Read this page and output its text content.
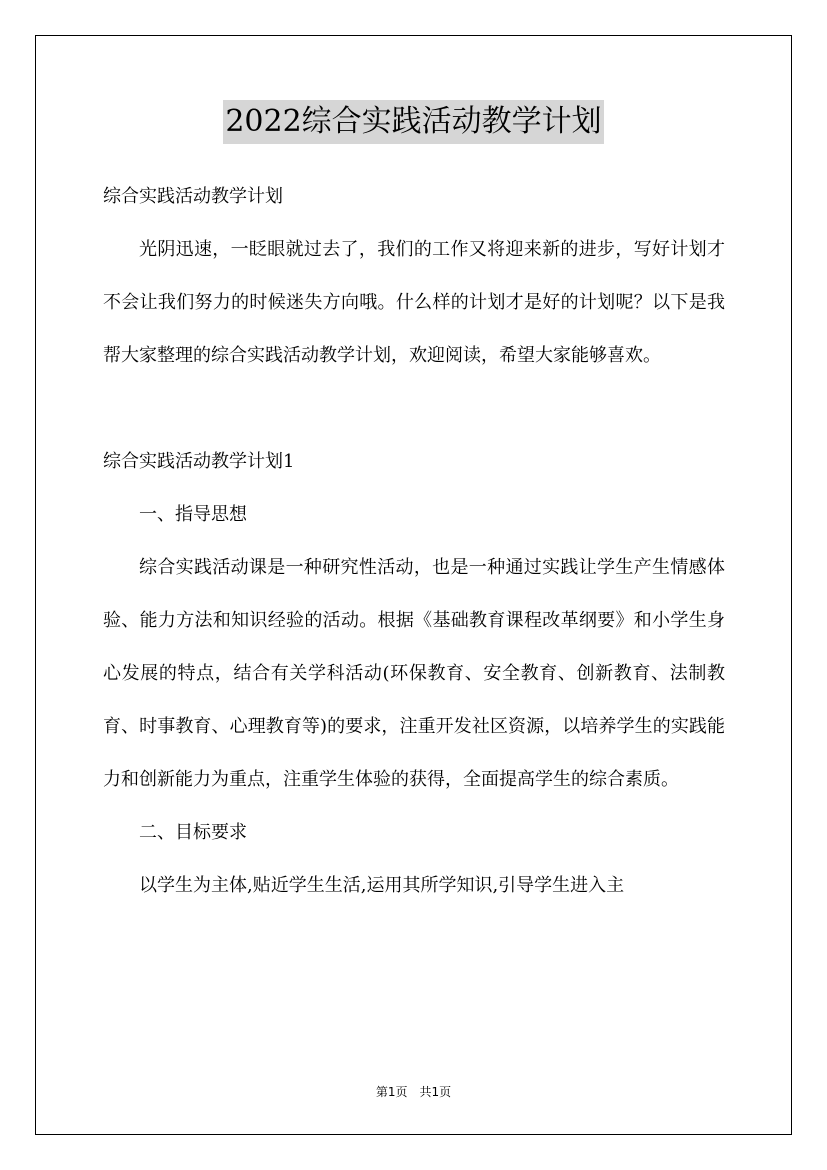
2022综合实践活动教学计划

综合实践活动教学计划

光阴迅速，一眨眼就过去了，我们的工作又将迎来新的进步，写好计划才不会让我们努力的时候迷失方向哦。什么样的计划才是好的计划呢？以下是我帮大家整理的综合实践活动教学计划，欢迎阅读，希望大家能够喜欢。

综合实践活动教学计划1

一、指导思想

综合实践活动课是一种研究性活动，也是一种通过实践让学生产生情感体验、能力方法和知识经验的活动。根据《基础教育课程改革纲要》和小学生身心发展的特点，结合有关学科活动(环保教育、安全教育、创新教育、法制教育、时事教育、心理教育等)的要求，注重开发社区资源，以培养学生的实践能力和创新能力为重点，注重学生体验的获得，全面提高学生的综合素质。

二、目标要求

以学生为主体,贴近学生生活,运用其所学知识,引导学生进入主

第1页 共1页
